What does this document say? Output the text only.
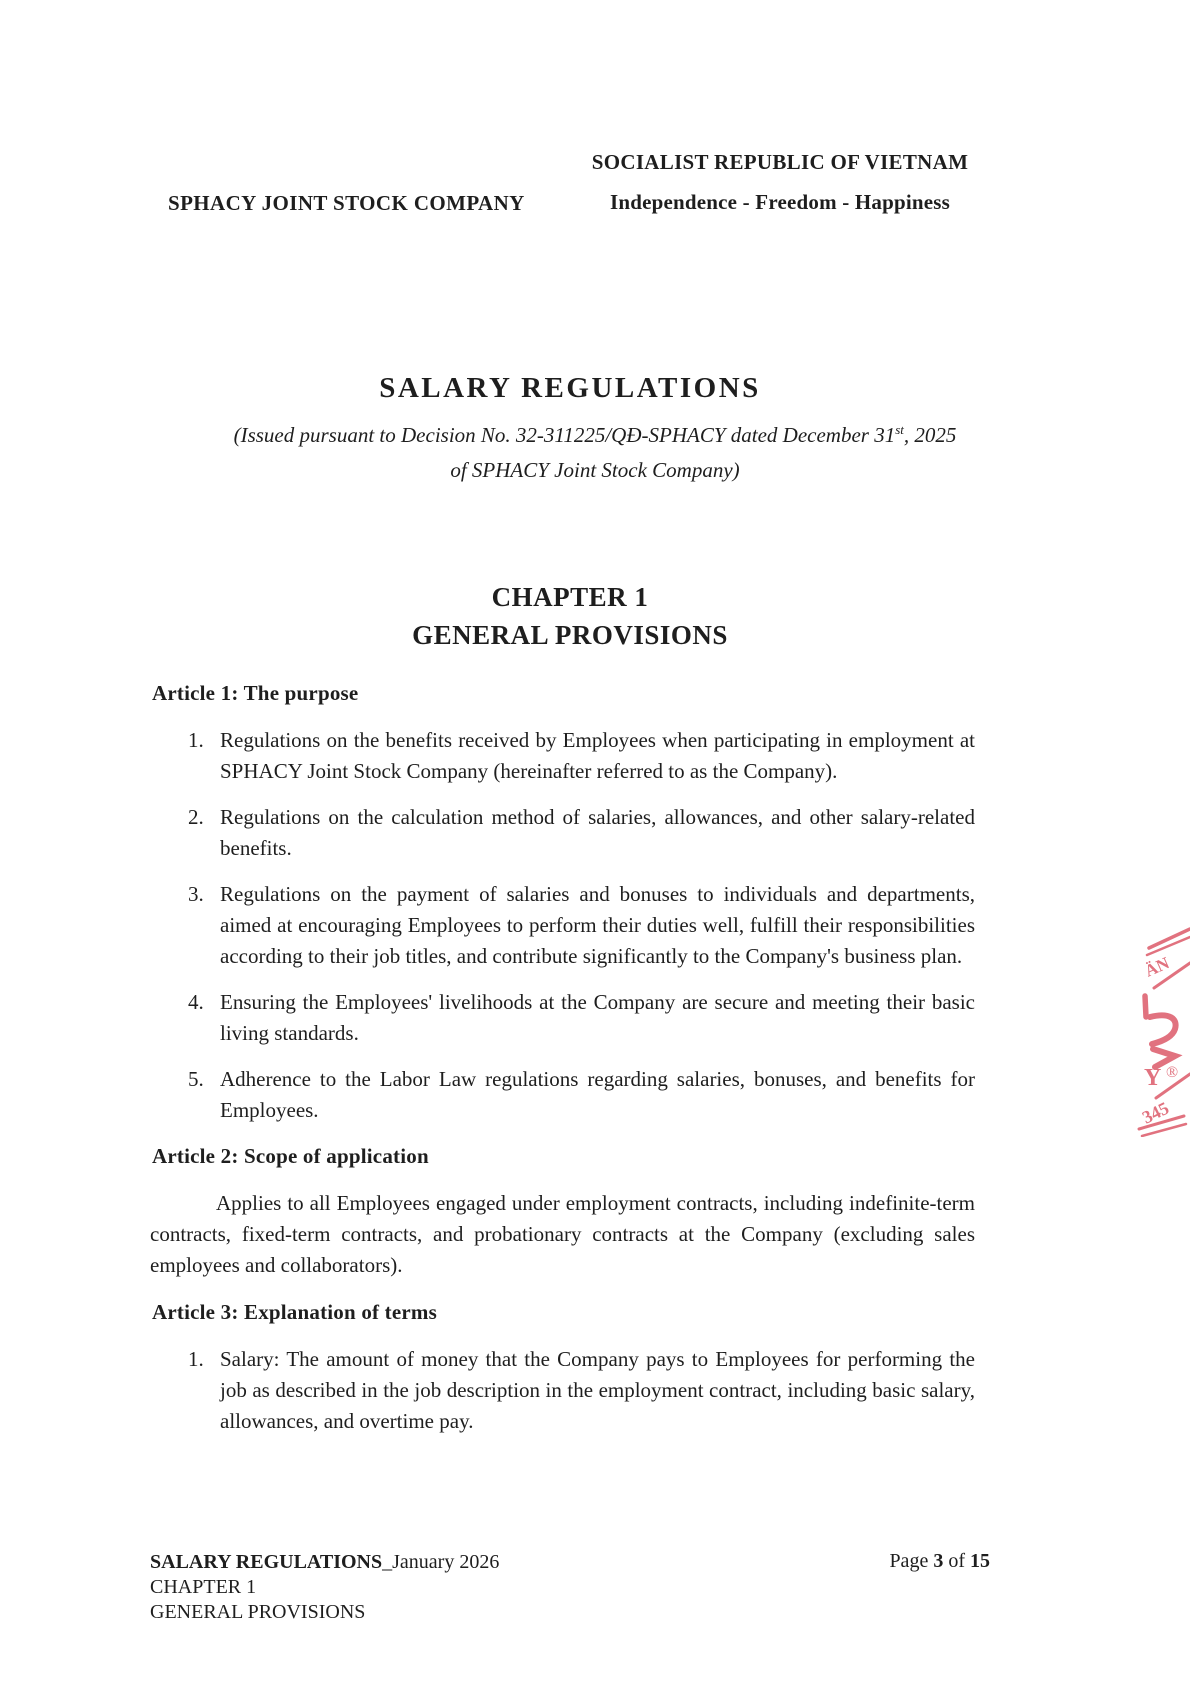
SPHACY JOINT STOCK COMPANY
SOCIALIST REPUBLIC OF VIETNAM
Independence - Freedom - Happiness
SALARY REGULATIONS
(Issued pursuant to Decision No. 32-311225/QĐ-SPHACY dated December 31st, 2025
of SPHACY Joint Stock Company)
CHAPTER 1
GENERAL PROVISIONS
Article 1: The purpose
1. Regulations on the benefits received by Employees when participating in employment at SPHACY Joint Stock Company (hereinafter referred to as the Company).
2. Regulations on the calculation method of salaries, allowances, and other salary-related benefits.
3. Regulations on the payment of salaries and bonuses to individuals and departments, aimed at encouraging Employees to perform their duties well, fulfill their responsibilities according to their job titles, and contribute significantly to the Company's business plan.
4. Ensuring the Employees' livelihoods at the Company are secure and meeting their basic living standards.
5. Adherence to the Labor Law regulations regarding salaries, bonuses, and benefits for Employees.
Article 2: Scope of application

Applies to all Employees engaged under employment contracts, including indefinite-term contracts, fixed-term contracts, and probationary contracts at the Company (excluding sales employees and collaborators).

Article 3: Explanation of terms
1. Salary: The amount of money that the Company pays to Employees for performing the job as described in the job description in the employment contract, including basic salary, allowances, and overtime pay.
SALARY REGULATIONS_January 2026
CHAPTER 1
GENERAL PROVISIONS
Page 3 of 15
ÄN
Y ®
345
